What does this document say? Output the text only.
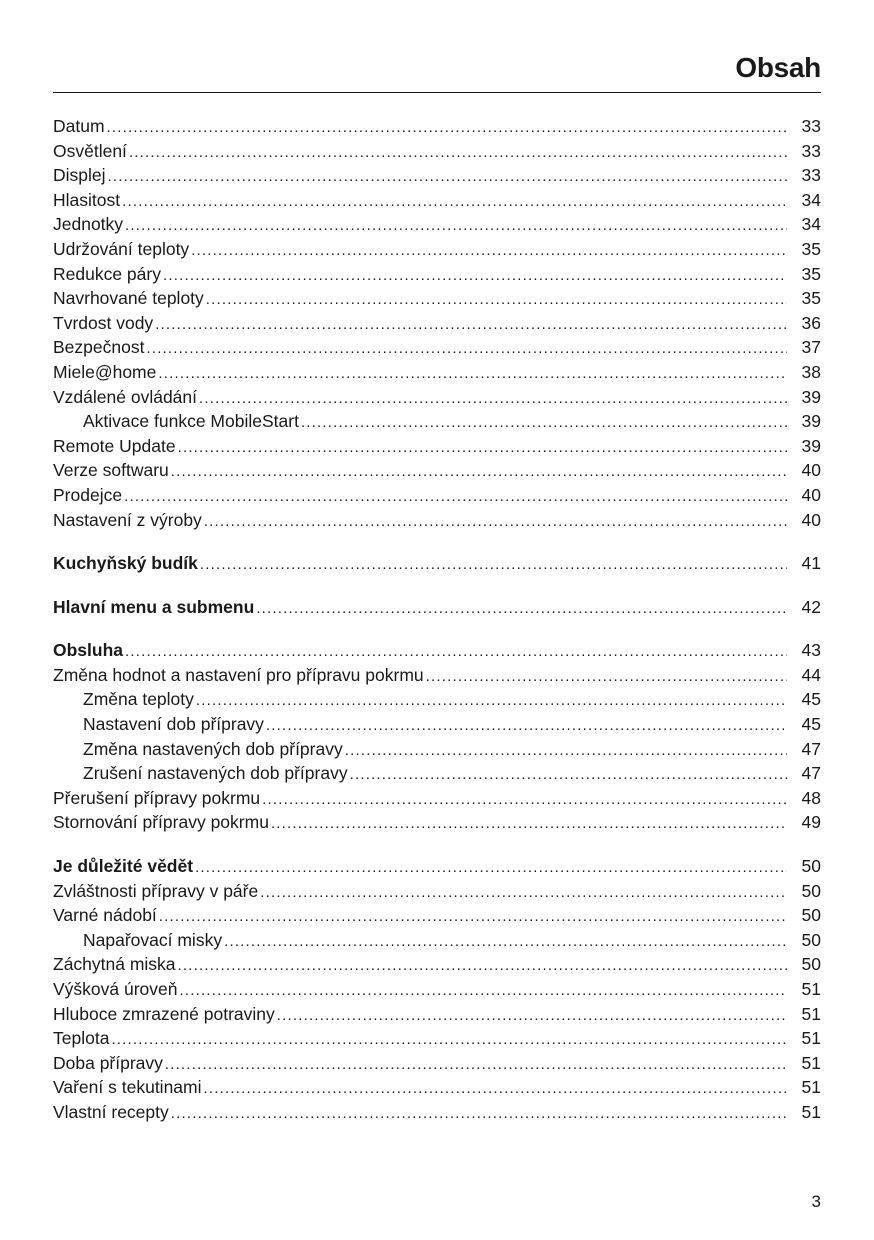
Obsah
Datum .....	33
Osvětlení .....	33
Displej .....	33
Hlasitost .....	34
Jednotky .....	34
Udržování teploty .....	35
Redukce páry .....	35
Navrhované teploty .....	35
Tvrdost vody .....	36
Bezpečnost .....	37
Miele@home .....	38
Vzdálené ovládání .....	39
Aktivace funkce MobileStart .....	39
Remote Update .....	39
Verze softwaru .....	40
Prodejce .....	40
Nastavení z výroby .....	40
Kuchyňský budík .....	41
Hlavní menu a submenu .....	42
Obsluha .....	43
Změna hodnot a nastavení pro přípravu pokrmu .....	44
Změna teploty .....	45
Nastavení dob přípravy .....	45
Změna nastavených dob přípravy .....	47
Zrušení nastavených dob přípravy .....	47
Přerušení přípravy pokrmu .....	48
Stornování přípravy pokrmu .....	49
Je důležité vědět .....	50
Zvláštnosti přípravy v páře .....	50
Varné nádobí .....	50
Napařovací misky .....	50
Záchytná miska .....	50
Výšková úroveň .....	51
Hluboce zmrazené potraviny .....	51
Teplota .....	51
Doba přípravy .....	51
Vaření s tekutinami .....	51
Vlastní recepty .....	51
3
